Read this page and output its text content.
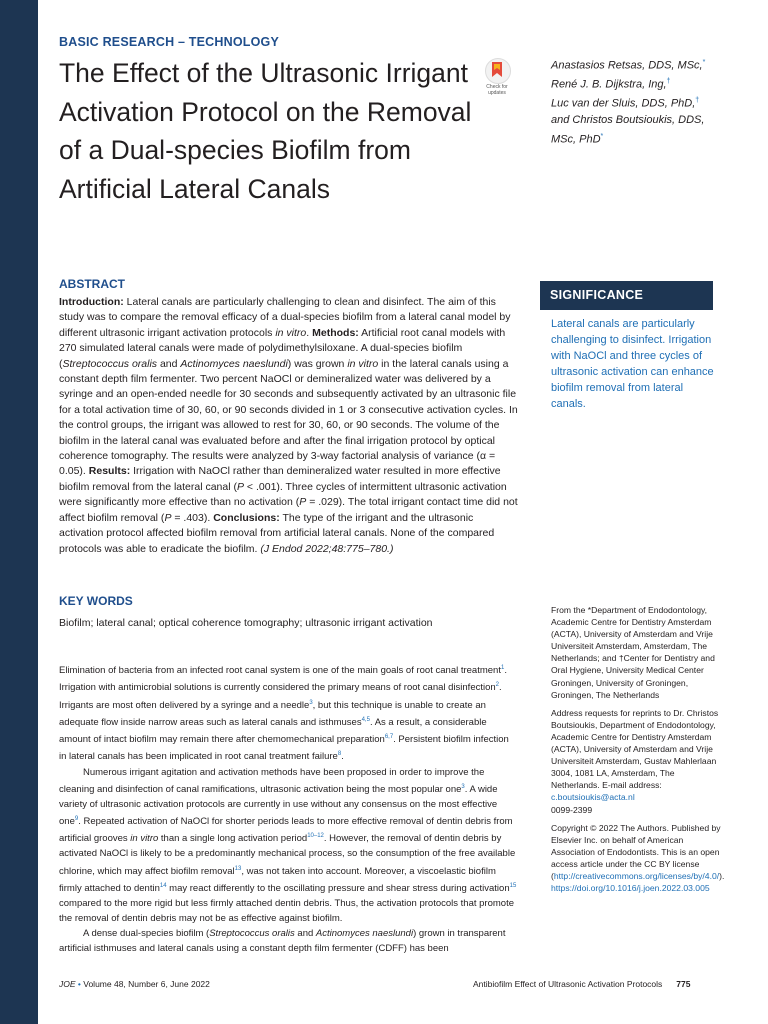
BASIC RESEARCH – TECHNOLOGY
The Effect of the Ultrasonic Irrigant Activation Protocol on the Removal of a Dual-species Biofilm from Artificial Lateral Canals
Check for
updates
Anastasios Retsas, DDS, MSc,*
René J. B. Dijkstra, Ing,†
Luc van der Sluis, DDS, PhD,†
and Christos Boutsioukis, DDS,
MSc, PhD*
ABSTRACT
Introduction: Lateral canals are particularly challenging to clean and disinfect. The aim of this study was to compare the removal efficacy of a dual-species biofilm from a lateral canal model by different ultrasonic irrigant activation protocols in vitro. Methods: Artificial root canal models with 270 simulated lateral canals were made of polydimethylsiloxane. A dual-species biofilm (Streptococcus oralis and Actinomyces naeslundi) was grown in vitro in the lateral canals using a constant depth film fermenter. Two percent NaOCl or demineralized water was delivered by a syringe and an open-ended needle for 30 seconds and subsequently activated by an ultrasonic file for a total activation time of 30, 60, or 90 seconds divided in 1 or 3 consecutive activation cycles. In the control groups, the irrigant was allowed to rest for 30, 60, or 90 seconds. The volume of the biofilm in the lateral canal was evaluated before and after the final irrigation protocol by optical coherence tomography. The results were analyzed by 3-way factorial analysis of variance (α = 0.05). Results: Irrigation with NaOCl rather than demineralized water resulted in more effective biofilm removal from the lateral canal (P < .001). Three cycles of intermittent ultrasonic activation were significantly more effective than no activation (P = .029). The total irrigant contact time did not affect biofilm removal (P = .403). Conclusions: The type of the irrigant and the ultrasonic activation protocol affected biofilm removal from artificial lateral canals. None of the compared protocols was able to eradicate the biofilm. (J Endod 2022;48:775–780.)
SIGNIFICANCE
Lateral canals are particularly challenging to disinfect. Irrigation with NaOCl and three cycles of ultrasonic activation can enhance biofilm removal from lateral canals.
KEY WORDS
Biofilm; lateral canal; optical coherence tomography; ultrasonic irrigant activation

Elimination of bacteria from an infected root canal system is one of the main goals of root canal treatment$^1$. Irrigation with antimicrobial solutions is currently considered the primary means of root canal disinfection$^2$. Irrigants are most often delivered by a syringe and a needle$^3$, but this technique is unable to create an adequate flow inside narrow areas such as lateral canals and isthmuses$^{4,5}$. As a result, a considerable amount of intact biofilm may remain there after chemomechanical preparation$^{6,7}$. Persistent biofilm infection in lateral canals has been implicated in root canal treatment failure$^8$.

Numerous irrigant agitation and activation methods have been proposed in order to improve the cleaning and disinfection of canal ramifications, ultrasonic activation being the most popular one$^3$. A wide variety of ultrasonic activation protocols are currently in use without any consensus on the most effective one$^9$. Repeated activation of NaOCl for shorter periods leads to more effective removal of dentin debris from artificial grooves in vitro than a single long activation period$^{10-12}$. However, the removal of dentin debris by activated NaOCl is likely to be a predominantly mechanical process, so the consumption of the free available chlorine, which may affect biofilm removal$^{13}$, was not taken into account. Moreover, a viscoelastic biofilm firmly attached to dentin$^{14}$ may react differently to the oscillating pressure and shear stress during activation$^{15}$ compared to the more rigid but less firmly attached dentin debris. Thus, the activation protocols that promote the removal of dentin debris may not be as effective against biofilm.

A dense dual-species biofilm (Streptococcus oralis and Actinomyces naeslundi) grown in transparent artificial isthmuses and lateral canals using a constant depth film fermenter (CDFF) has been

From the *Department of Endodontology, Academic Centre for Dentistry Amsterdam (ACTA), University of Amsterdam and Vrije Universiteit Amsterdam, Amsterdam, The Netherlands; and †Center for Dentistry and Oral Hygiene, University Medical Center Groningen, University of Groningen, Groningen, The Netherlands

Address requests for reprints to Dr. Christos Boutsioukis, Department of Endodontology, Academic Centre for Dentistry Amsterdam (ACTA), University of Amsterdam and Vrije Universiteit Amsterdam, Gustav Mahlerlaan 3004, 1081 LA, Amsterdam, The Netherlands. E-mail address: c.boutsioukis@acta.nl
0099-2399

Copyright © 2022 The Authors. Published by Elsevier Inc. on behalf of American Association of Endodontists. This is an open access article under the CC BY license (http://creativecommons.org/licenses/by/4.0/).
https://doi.org/10.1016/j.joen.2022.03.005

JOE • Volume 48, Number 6, June 2022	Antibiofilm Effect of Ultrasonic Activation Protocols 775
